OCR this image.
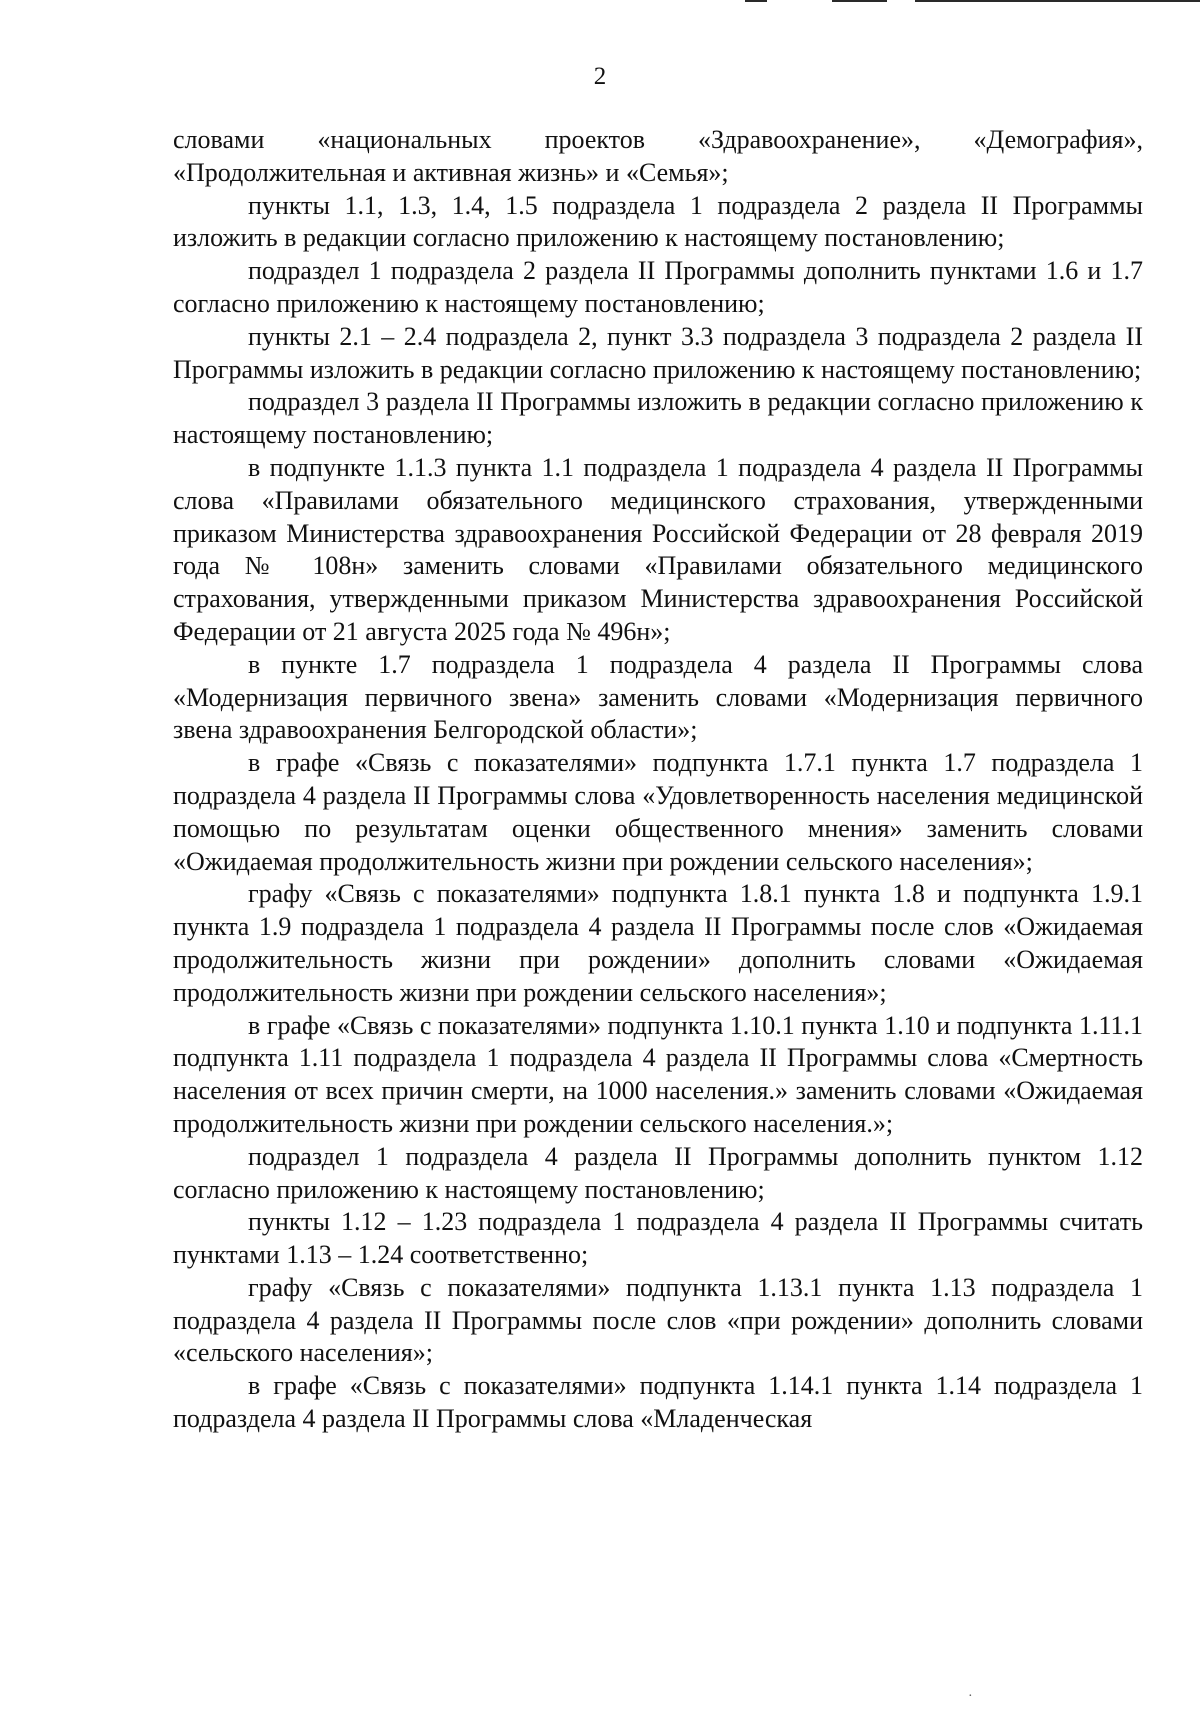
2

словами «национальных проектов «Здравоохранение», «Демография», «Продолжительная и активная жизнь» и «Семья»;

пункты 1.1, 1.3, 1.4, 1.5 подраздела 1 подраздела 2 раздела II Программы изложить в редакции согласно приложению к настоящему постановлению;

подраздел 1 подраздела 2 раздела II Программы дополнить пунктами 1.6 и 1.7 согласно приложению к настоящему постановлению;

пункты 2.1 – 2.4 подраздела 2, пункт 3.3 подраздела 3 подраздела 2 раздела II Программы изложить в редакции согласно приложению к настоящему постановлению;

подраздел 3 раздела II Программы изложить в редакции согласно приложению к настоящему постановлению;

в подпункте 1.1.3 пункта 1.1 подраздела 1 подраздела 4 раздела II Программы слова «Правилами обязательного медицинского страхования, утвержденными приказом Министерства здравоохранения Российской Федерации от 28 февраля 2019 года № 108н» заменить словами «Правилами обязательного медицинского страхования, утвержденными приказом Министерства здравоохранения Российской Федерации от 21 августа 2025 года № 496н»;

в пункте 1.7 подраздела 1 подраздела 4 раздела II Программы слова «Модернизация первичного звена» заменить словами «Модернизация первичного звена здравоохранения Белгородской области»;

в графе «Связь с показателями» подпункта 1.7.1 пункта 1.7 подраздела 1 подраздела 4 раздела II Программы слова «Удовлетворенность населения медицинской помощью по результатам оценки общественного мнения» заменить словами «Ожидаемая продолжительность жизни при рождении сельского населения»;

графу «Связь с показателями» подпункта 1.8.1 пункта 1.8 и подпункта 1.9.1 пункта 1.9 подраздела 1 подраздела 4 раздела II Программы после слов «Ожидаемая продолжительность жизни при рождении» дополнить словами «Ожидаемая продолжительность жизни при рождении сельского населения»;

в графе «Связь с показателями» подпункта 1.10.1 пункта 1.10 и подпункта 1.11.1 подпункта 1.11 подраздела 1 подраздела 4 раздела II Программы слова «Смертность населения от всех причин смерти, на 1000 населения.» заменить словами «Ожидаемая продолжительность жизни при рождении сельского населения.»;

подраздел 1 подраздела 4 раздела II Программы дополнить пунктом 1.12 согласно приложению к настоящему постановлению;

пункты 1.12 – 1.23 подраздела 1 подраздела 4 раздела II Программы считать пунктами 1.13 – 1.24 соответственно;

графу «Связь с показателями» подпункта 1.13.1 пункта 1.13 подраздела 1 подраздела 4 раздела II Программы после слов «при рождении» дополнить словами «сельского населения»;

в графе «Связь с показателями» подпункта 1.14.1 пункта 1.14 подраздела 1 подраздела 4 раздела II Программы слова «Младенческая

·
